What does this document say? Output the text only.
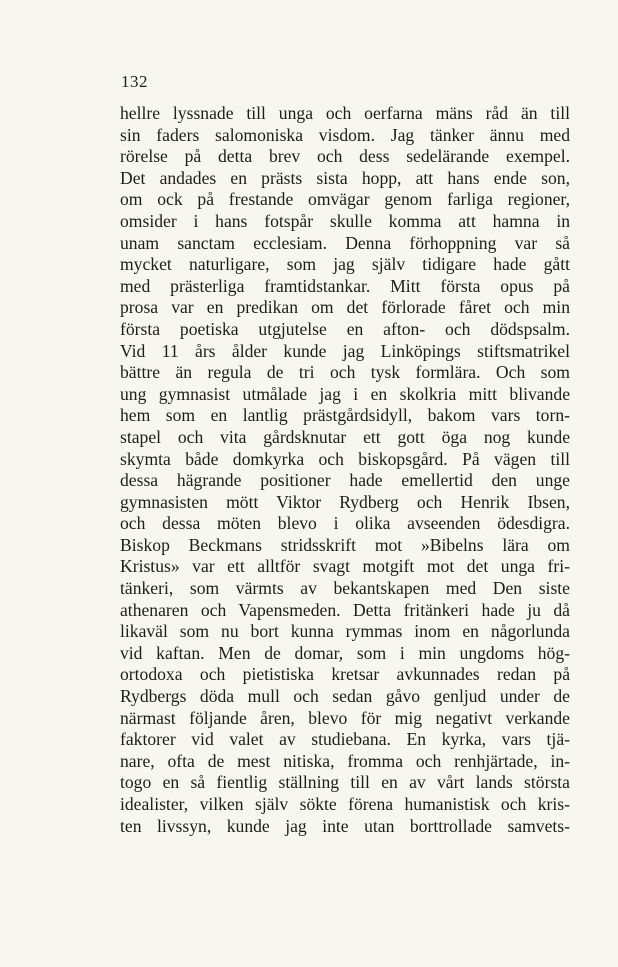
132
hellre lyssnade till unga och oerfarna mäns råd än till
sin faders salomoniska visdom. Jag tänker ännu med
rörelse på detta brev och dess sedelärande exempel.
Det andades en prästs sista hopp, att hans ende son,
om ock på frestande omvägar genom farliga regioner,
omsider i hans fotspår skulle komma att hamna in
unam sanctam ecclesiam. Denna förhoppning var så
mycket naturligare, som jag själv tidigare hade gått
med prästerliga framtidstankar. Mitt första opus på
prosa var en predikan om det förlorade fåret och min
första poetiska utgjutelse en afton- och dödspsalm.
Vid 11 års ålder kunde jag Linköpings stiftsmatrikel
bättre än regula de tri och tysk formlära. Och som
ung gymnasist utmålade jag i en skolkria mitt blivande
hem som en lantlig prästgårdsidyll, bakom vars torn-
stapel och vita gårdsknutar ett gott öga nog kunde
skymta både domkyrka och biskopsgård. På vägen till
dessa hägrande positioner hade emellertid den unge
gymnasisten mött Viktor Rydberg och Henrik Ibsen,
och dessa möten blevo i olika avseenden ödesdigra.
Biskop Beckmans stridsskrift mot »Bibelns lära om
Kristus» var ett alltför svagt motgift mot det unga fri-
tänkeri, som värmts av bekantskapen med Den siste
athenaren och Vapensmeden. Detta fritänkeri hade ju då
likaväl som nu bort kunna rymmas inom en någorlunda
vid kaftan. Men de domar, som i min ungdoms hög-
ortodoxa och pietistiska kretsar avkunnades redan på
Rydbergs döda mull och sedan gåvo genljud under de
närmast följande åren, blevo för mig negativt verkande
faktorer vid valet av studiebana. En kyrka, vars tjä-
nare, ofta de mest nitiska, fromma och renhjärtade, in-
togo en så fientlig ställning till en av vårt lands största
idealister, vilken själv sökte förena humanistisk och kris-
ten livssyn, kunde jag inte utan borttrollade samvets-
